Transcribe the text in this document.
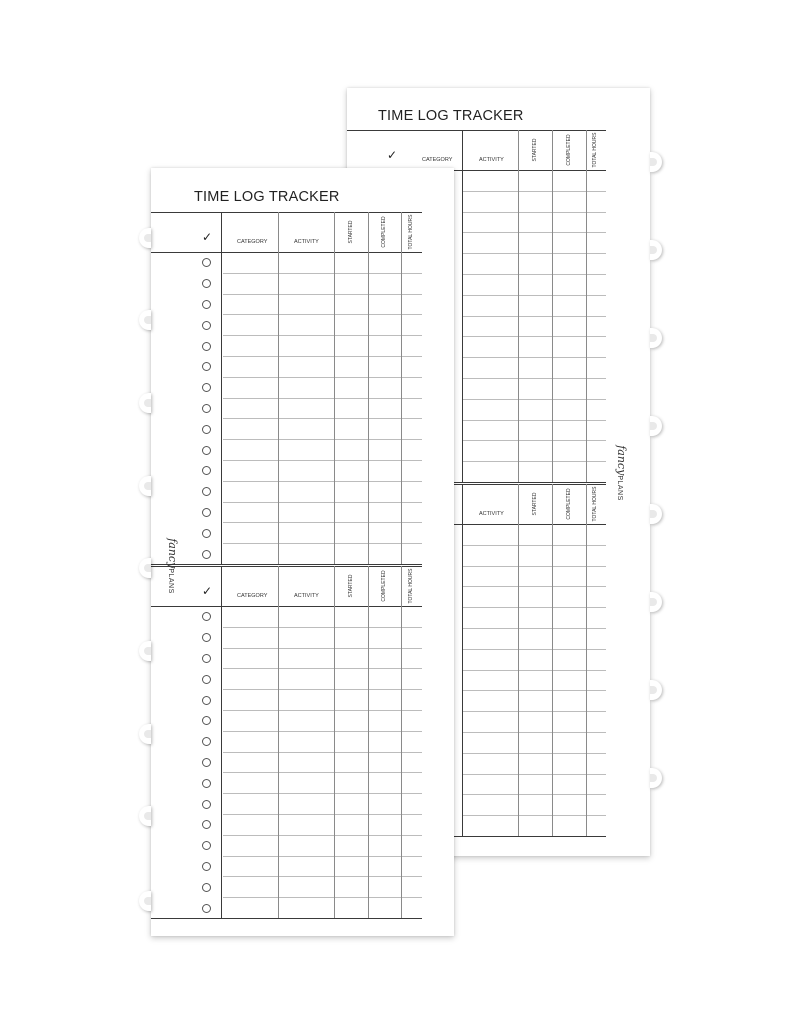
TIME LOG TRACKER
CATEGORY	ACTIVITY	STARTED	COMPLETED	TOTAL HOURS
✓
ACTIVITY	STARTED	COMPLETED	TOTAL HOURS
fancyPLANS
TIME LOG TRACKER
CATEGORY	ACTIVITY	STARTED	COMPLETED	TOTAL HOURS
✓
CATEGORY	ACTIVITY	STARTED	COMPLETED	TOTAL HOURS
✓
fancyPLANS
